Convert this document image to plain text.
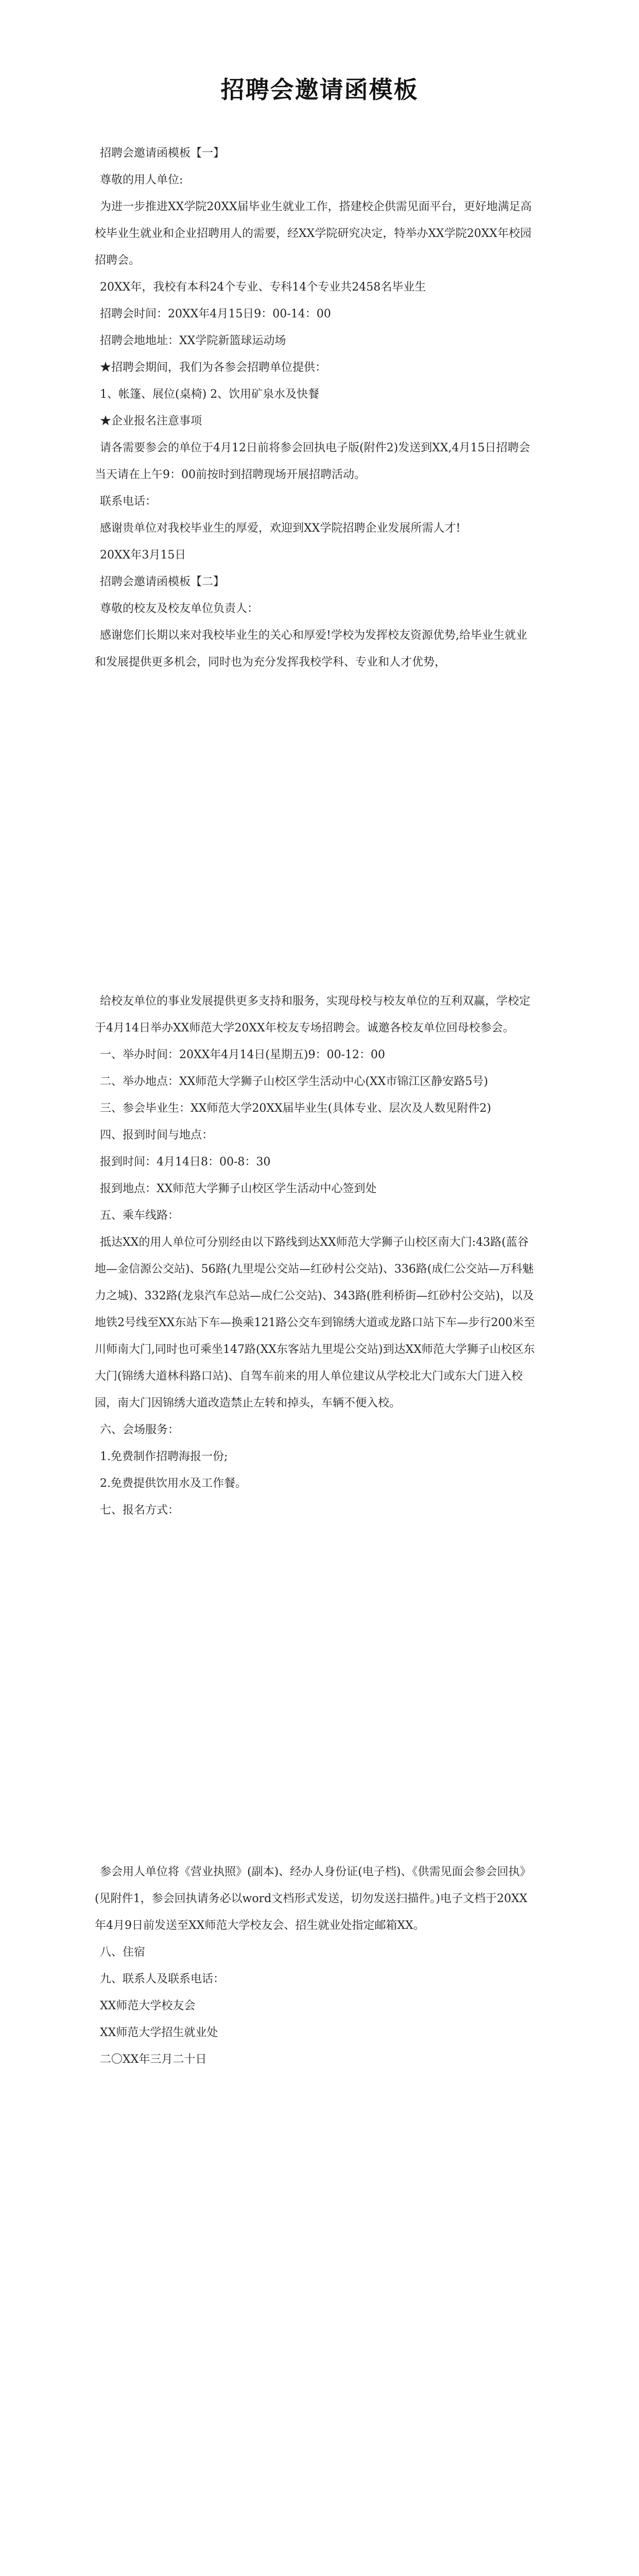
招聘会邀请函模板

招聘会邀请函模板【一】

尊敬的用人单位:

为进一步推进XX学院20XX届毕业生就业工作，搭建校企供需见面平台，更好地满足高校毕业生就业和企业招聘用人的需要，经XX学院研究决定，特举办XX学院20XX年校园招聘会。

20XX年，我校有本科24个专业、专科14个专业共2458名毕业生

招聘会时间：20XX年4月15日9：00-14：00

招聘会地地址：XX学院新篮球运动场

★招聘会期间，我们为各参会招聘单位提供：

1、帐篷、展位(桌椅) 2、饮用矿泉水及快餐

★企业报名注意事项

请各需要参会的单位于4月12日前将参会回执电子版(附件2)发送到XX,4月15日招聘会当天请在上午9：00前按时到招聘现场开展招聘活动。

联系电话：

感谢贵单位对我校毕业生的厚爱，欢迎到XX学院招聘企业发展所需人才!

20XX年3月15日

招聘会邀请函模板【二】

尊敬的校友及校友单位负责人：

感谢您们长期以来对我校毕业生的关心和厚爱!学校为发挥校友资源优势,给毕业生就业和发展提供更多机会，同时也为充分发挥我校学科、专业和人才优势，

给校友单位的事业发展提供更多支持和服务，实现母校与校友单位的互利双赢，学校定于4月14日举办XX师范大学20XX年校友专场招聘会。诚邀各校友单位回母校参会。

一、举办时间：20XX年4月14日(星期五)9：00-12：00

二、举办地点：XX师范大学狮子山校区学生活动中心(XX市锦江区静安路5号)

三、参会毕业生：XX师范大学20XX届毕业生(具体专业、层次及人数见附件2)

四、报到时间与地点：

报到时间：4月14日8：00-8：30

报到地点：XX师范大学狮子山校区学生活动中心签到处

五、乘车线路：

抵达XX的用人单位可分别经由以下路线到达XX师范大学狮子山校区南大门:43路(蓝谷地—金信源公交站)、56路(九里堤公交站—红砂村公交站)、336路(成仁公交站—万科魅力之城)、332路(龙泉汽车总站—成仁公交站)、343路(胜利桥街—红砂村公交站)，以及地铁2号线至XX东站下车—换乘121路公交车到锦绣大道或龙路口站下车—步行200米至川师南大门,同时也可乘坐147路(XX东客站九里堤公交站)到达XX师范大学狮子山校区东大门(锦绣大道林科路口站)、自驾车前来的用人单位建议从学校北大门或东大门进入校园，南大门因锦绣大道改造禁止左转和掉头，车辆不便入校。

六、会场服务：

1.免费制作招聘海报一份;

2.免费提供饮用水及工作餐。

七、报名方式：

参会用人单位将《营业执照》(副本)、经办人身份证(电子档)、《供需见面会参会回执》(见附件1，参会回执请务必以word文档形式发送，切勿发送扫描件。)电子文档于20XX年4月9日前发送至XX师范大学校友会、招生就业处指定邮箱XX。

八、住宿

九、联系人及联系电话：

XX师范大学校友会

XX师范大学招生就业处

二〇XX年三月二十日
